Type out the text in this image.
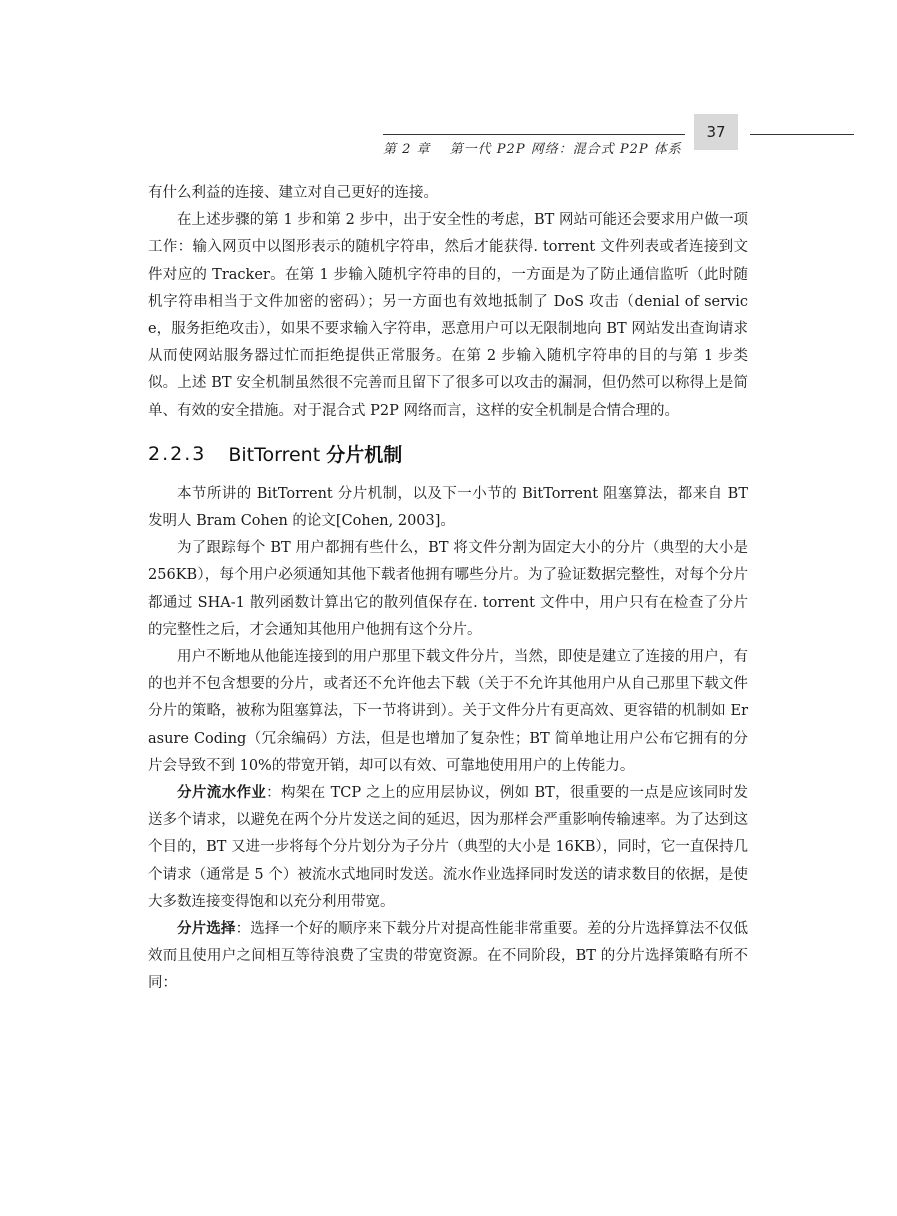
第 2 章　 第一代 P2P 网络：混合式 P2P 体系
37

有什么利益的连接、建立对自己更好的连接。

在上述步骤的第 1 步和第 2 步中，出于安全性的考虑，BT 网站可能还会要求用户做一项工作：输入网页中以图形表示的随机字符串，然后才能获得. torrent 文件列表或者连接到文件对应的 Tracker。在第 1 步输入随机字符串的目的，一方面是为了防止通信监听（此时随机字符串相当于文件加密的密码）；另一方面也有效地抵制了 DoS 攻击（denial of service，服务拒绝攻击），如果不要求输入字符串，恶意用户可以无限制地向 BT 网站发出查询请求从而使网站服务器过忙而拒绝提供正常服务。在第 2 步输入随机字符串的目的与第 1 步类似。上述 BT 安全机制虽然很不完善而且留下了很多可以攻击的漏洞，但仍然可以称得上是简单、有效的安全措施。对于混合式 P2P 网络而言，这样的安全机制是合情合理的。

2.2.3 BitTorrent 分片机制

本节所讲的 BitTorrent 分片机制，以及下一小节的 BitTorrent 阻塞算法，都来自 BT 发明人 Bram Cohen 的论文[Cohen, 2003]。

为了跟踪每个 BT 用户都拥有些什么，BT 将文件分割为固定大小的分片（典型的大小是 256KB），每个用户必须通知其他下载者他拥有哪些分片。为了验证数据完整性，对每个分片都通过 SHA-1 散列函数计算出它的散列值保存在. torrent 文件中，用户只有在检查了分片的完整性之后，才会通知其他用户他拥有这个分片。

用户不断地从他能连接到的用户那里下载文件分片，当然，即使是建立了连接的用户，有的也并不包含想要的分片，或者还不允许他去下载（关于不允许其他用户从自己那里下载文件分片的策略，被称为阻塞算法，下一节将讲到）。关于文件分片有更高效、更容错的机制如 Erasure Coding（冗余编码）方法，但是也增加了复杂性；BT 简单地让用户公布它拥有的分片会导致不到 10%的带宽开销，却可以有效、可靠地使用用户的上传能力。

分片流水作业：构架在 TCP 之上的应用层协议，例如 BT，很重要的一点是应该同时发送多个请求，以避免在两个分片发送之间的延迟，因为那样会严重影响传输速率。为了达到这个目的，BT 又进一步将每个分片划分为子分片（典型的大小是 16KB），同时，它一直保持几个请求（通常是 5 个）被流水式地同时发送。流水作业选择同时发送的请求数目的依据，是使大多数连接变得饱和以充分利用带宽。

分片选择：选择一个好的顺序来下载分片对提高性能非常重要。差的分片选择算法不仅低效而且使用户之间相互等待浪费了宝贵的带宽资源。在不同阶段，BT 的分片选择策略有所不同：
